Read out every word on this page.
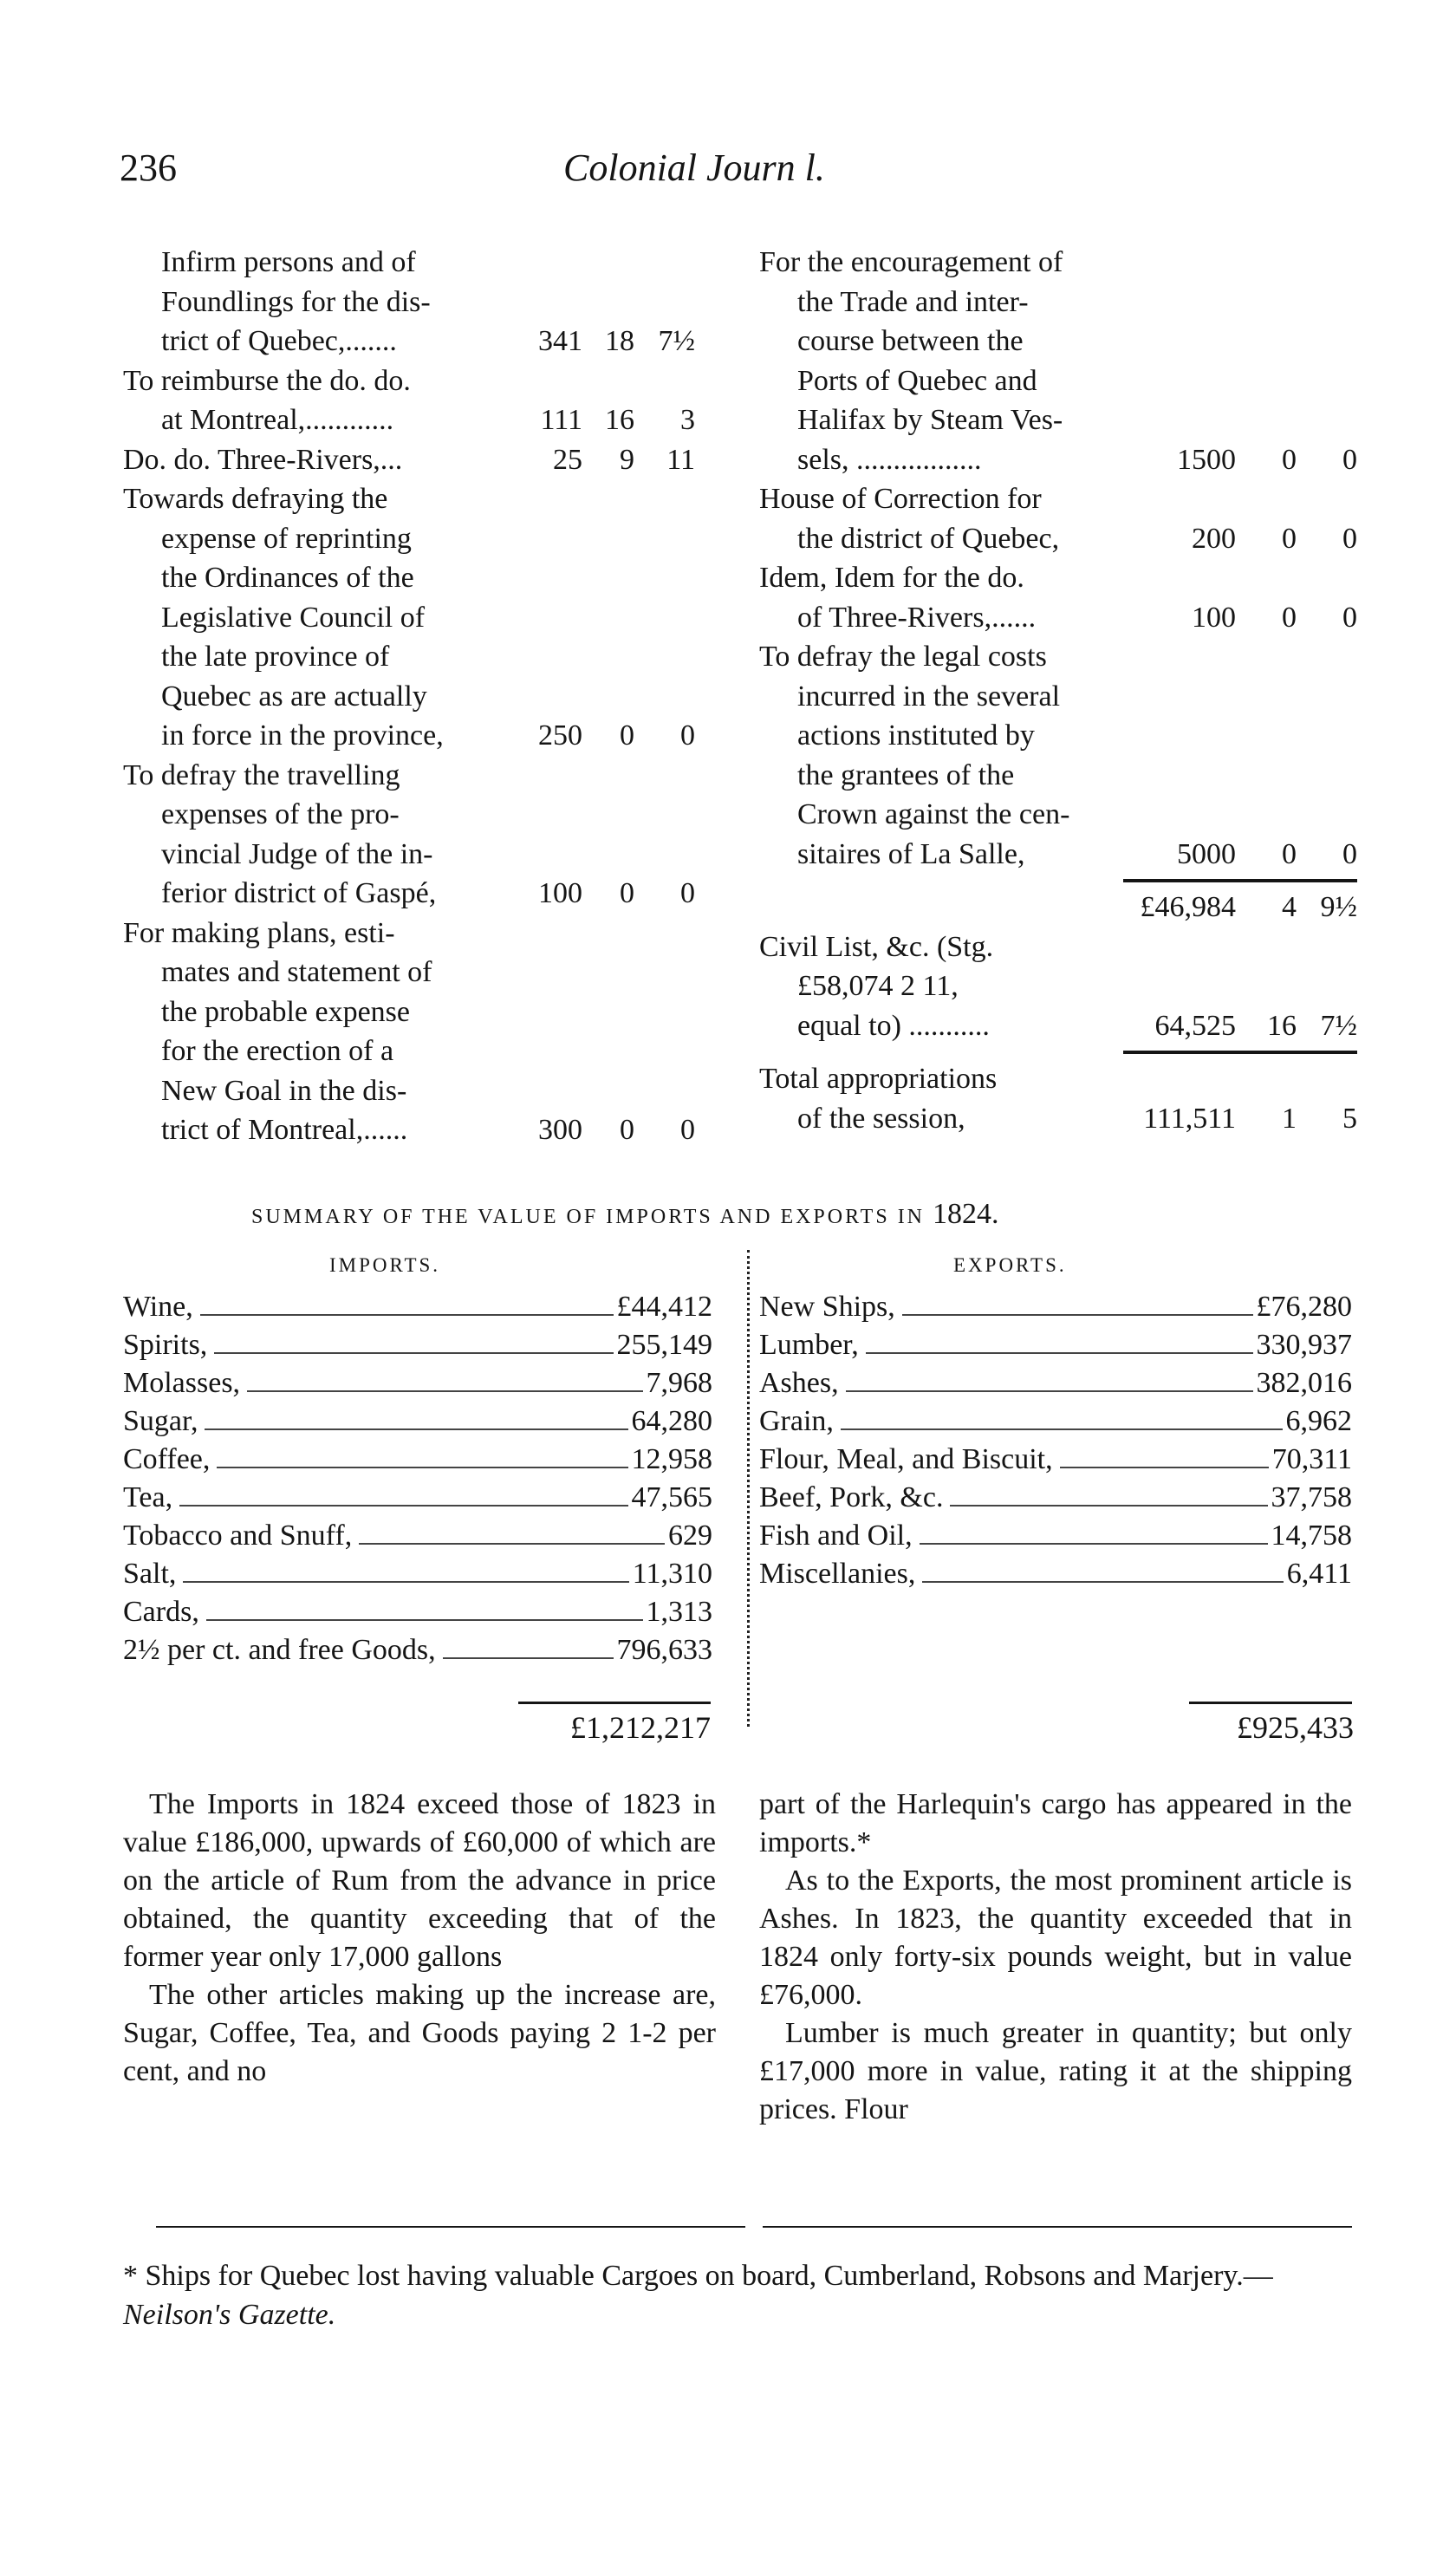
236	Colonial Journ l.
Infirm persons and of
Foundlings for the dis-
trict of Quebec,.......	341 18 7½
To reimburse the do. do.
at Montreal,............	111 16	3
Do. do. Three-Rivers,...	25	9	11
Towards defraying the
expense of reprinting
the Ordinances of the
Legislative Council of
the late province of
Quebec as are actually
in force in the province,	250	0	0
To defray the travelling
expenses of the pro-
vincial Judge of the in-
ferior district of Gaspé,	100	0	0
For making plans, esti-
mates and statement of
the probable expense
for the erection of a
New Goal in the dis-
trict of Montreal,......	300	0	0
For the encouragement of
the Trade and inter-
course between the
Ports of Quebec and
Halifax by Steam Ves-
sels, .................	1500	0	0
House of Correction for
the district of Quebec,	200	0	0
Idem, Idem for the do.
of Three-Rivers,......	100	0	0
To defray the legal costs
incurred in the several
actions instituted by
the grantees of the
Crown against the cen-
sitaires of La Salle,	5000	0	0
£46,984	4 9½
Civil List, &c. (Stg.
£58,074 2 11,
equal to) ...........	64,525	16 7½
Total appropriations
of the session,	111,511	1	5
SUMMARY OF THE VALUE OF IMPORTS AND EXPORTS IN 1824.
IMPORTS.	EXPORTS.
Wine,	£44,412
Spirits,	255,149
Molasses,	7,968
Sugar,	64,280
Coffee,	12,958
Tea,	47,565
Tobacco and Snuff,	629
Salt,	11,310
Cards,	1,313
2½ per ct. and free Goods,	796,633
New Ships,	£76,280
Lumber,	330,937
Ashes,	382,016
Grain,	6,962
Flour, Meal, and Biscuit,	70,311
Beef, Pork, &c.	37,758
Fish and Oil,	14,758
Miscellanies,	6,411
£1,212,217	£925,433

The Imports in 1824 exceed those of 1823 in value £186,000, upwards of £60,000 of which are on the article of Rum from the advance in price obtained, the quantity exceeding that of the former year only 17,000 gallons

The other articles making up the increase are, Sugar, Coffee, Tea, and Goods paying 2 1-2 per cent, and no

part of the Harlequin's cargo has appeared in the imports.*

As to the Exports, the most prominent article is Ashes. In 1823, the quantity exceeded that in 1824 only forty-six pounds weight, but in value £76,000.

Lumber is much greater in quantity; but only £17,000 more in value, rating it at the shipping prices. Flour

* Ships for Quebec lost having valuable Cargoes on board, Cumberland, Robsons and Marjery.—Neilson's Gazette.
